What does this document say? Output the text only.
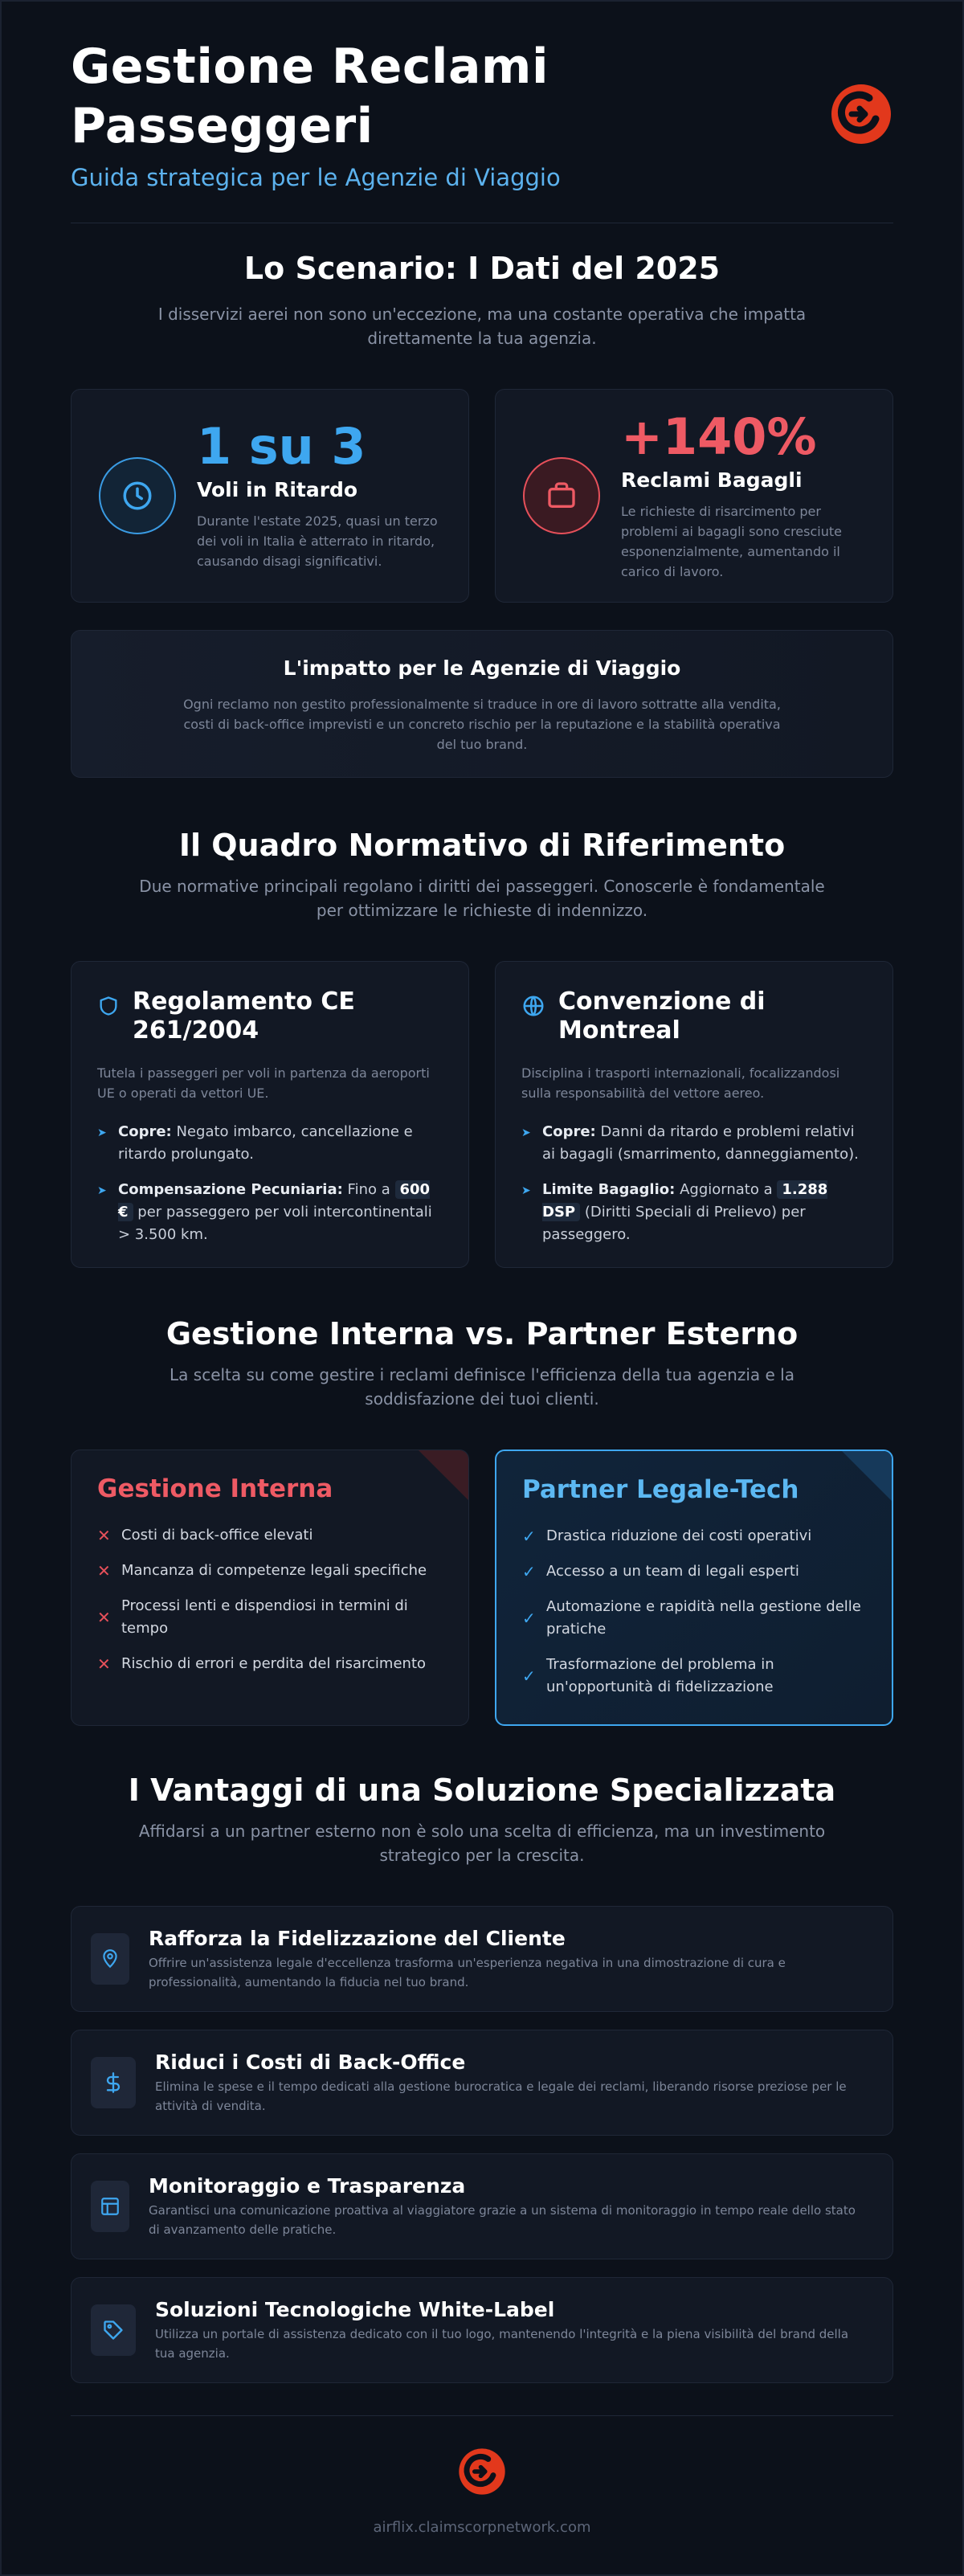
Gestione Reclami Passeggeri
Guida strategica per le Agenzie di Viaggio
Lo Scenario: I Dati del 2025

I disservizi aerei non sono un'eccezione, ma una costante operativa che impatta direttamente la tua agenzia.

1 su 3
Voli in Ritardo
Durante l'estate 2025, quasi un terzo dei voli in Italia è atterrato in ritardo, causando disagi significativi.
+140%
Reclami Bagagli
Le richieste di risarcimento per problemi ai bagagli sono cresciute esponenzialmente, aumentando il carico di lavoro.
L'impatto per le Agenzie di Viaggio

Ogni reclamo non gestito professionalmente si traduce in ore di lavoro sottratte alla vendita, costi di back-office imprevisti e un concreto rischio per la reputazione e la stabilità operativa del tuo brand.

Il Quadro Normativo di Riferimento

Due normative principali regolano i diritti dei passeggeri. Conoscerle è fondamentale per ottimizzare le richieste di indennizzo.

Regolamento CE 261/2004
Tutela i passeggeri per voli in partenza da aeroporti UE o operati da vettori UE.
➤ Copre: Negato imbarco, cancellazione e ritardo prolungato.
➤ Compensazione Pecuniaria: Fino a 600 € per passeggero per voli intercontinentali > 3.500 km.
Convenzione di Montreal
Disciplina i trasporti internazionali, focalizzandosi sulla responsabilità del vettore aereo.
➤ Copre: Danni da ritardo e problemi relativi ai bagagli (smarrimento, danneggiamento).
➤ Limite Bagaglio: Aggiornato a 1.288 DSP (Diritti Speciali di Prelievo) per passeggero.
Gestione Interna vs. Partner Esterno

La scelta su come gestire i reclami definisce l'efficienza della tua agenzia e la soddisfazione dei tuoi clienti.

Gestione Interna
✕ Costi di back-office elevati
✕ Mancanza di competenze legali specifiche
✕
Processi lenti e dispendiosi in termini di tempo
✕ Rischio di errori e perdita del risarcimento
Partner Legale-Tech
✓ Drastica riduzione dei costi operativi
✓ Accesso a un team di legali esperti
✓
Automazione e rapidità nella gestione delle pratiche
✓
Trasformazione del problema in un'opportunità di fidelizzazione
I Vantaggi di una Soluzione Specializzata

Affidarsi a un partner esterno non è solo una scelta di efficienza, ma un investimento strategico per la crescita.

Rafforza la Fidelizzazione del Cliente
Offrire un'assistenza legale d'eccellenza trasforma un'esperienza negativa in una dimostrazione di cura e professionalità, aumentando la fiducia nel tuo brand.
Riduci i Costi di Back-Office
Elimina le spese e il tempo dedicati alla gestione burocratica e legale dei reclami, liberando risorse preziose per le attività di vendita.
Monitoraggio e Trasparenza
Garantisci una comunicazione proattiva al viaggiatore grazie a un sistema di monitoraggio in tempo reale dello stato di avanzamento delle pratiche.
Soluzioni Tecnologiche White-Label
Utilizza un portale di assistenza dedicato con il tuo logo, mantenendo l'integrità e la piena visibilità del brand della tua agenzia.
airflix.claimscorpnetwork.com
